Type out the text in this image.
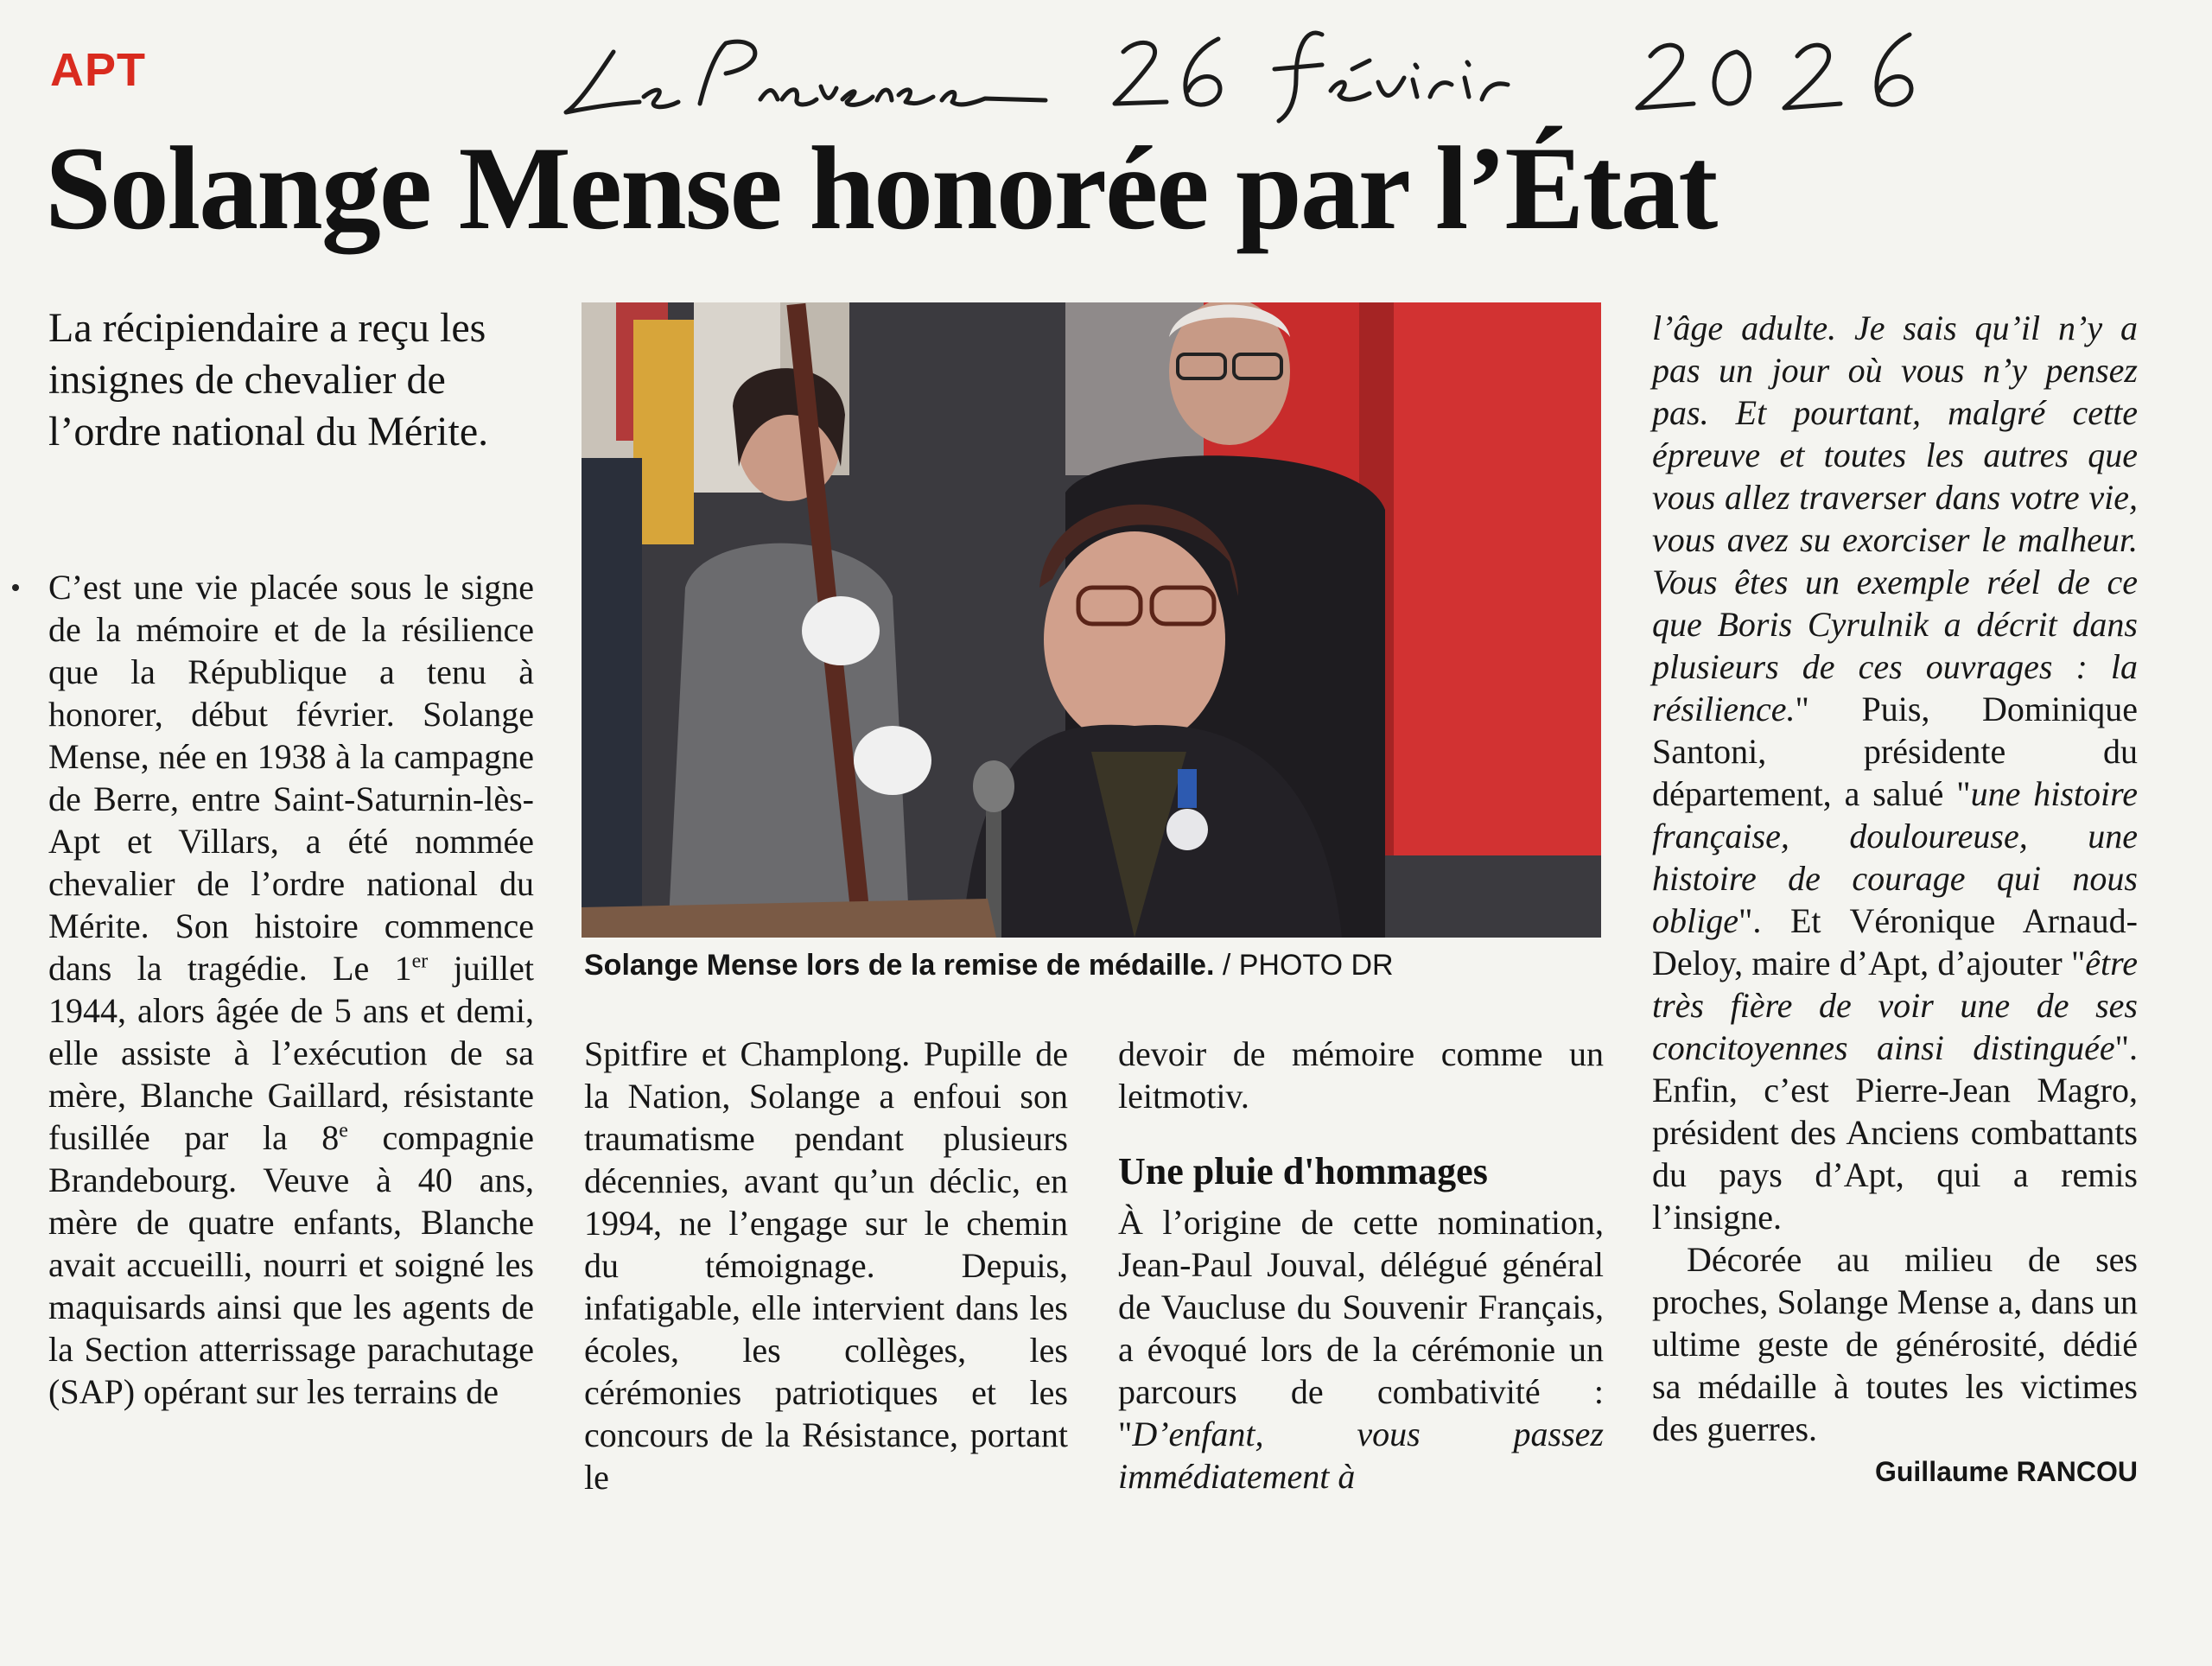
APT
Solange Mense honorée par l’État

La récipiendaire a reçu les insignes de chevalier de l’ordre national du Mérite.

Solange Mense lors de la remise de médaille. / PHOTO DR

C’est une vie placée sous le signe de la mémoire et de la résilience que la République a tenu à honorer, début février. Solange Mense, née en 1938 à la campagne de Berre, entre Saint-Saturnin-lès-Apt et Villars, a été nommée chevalier de l’ordre national du Mérite. Son histoire commence dans la tragédie. Le 1er juillet 1944, alors âgée de 5 ans et demi, elle assiste à l’exécution de sa mère, Blanche Gaillard, résistante fusillée par la 8e compagnie Brandebourg. Veuve à 40 ans, mère de quatre enfants, Blanche avait accueilli, nourri et soigné les maquisards ainsi que les agents de la Section atterrissage parachutage (SAP) opérant sur les terrains de

Spitfire et Champlong. Pupille de la Nation, Solange a enfoui son traumatisme pendant plusieurs décennies, avant qu’un déclic, en 1994, ne l’engage sur le chemin du témoignage. Depuis, infatigable, elle intervient dans les écoles, les collèges, les cérémonies patriotiques et les concours de la Résistance, portant le

devoir de mémoire comme un leitmotiv.

Une pluie d'hommages

À l’origine de cette nomination, Jean-Paul Jouval, délégué général de Vaucluse du Souvenir Français, a évoqué lors de la cérémonie un parcours de combativité : "D’enfant, vous passez immédiatement à

l’âge adulte. Je sais qu’il n’y a pas un jour où vous n’y pensez pas. Et pourtant, malgré cette épreuve et toutes les autres que vous allez traverser dans votre vie, vous avez su exorciser le malheur. Vous êtes un exemple réel de ce que Boris Cyrulnik a décrit dans plusieurs de ces ouvrages : la résilience." Puis, Dominique Santoni, présidente du département, a salué "une histoire française, douloureuse, une histoire de courage qui nous oblige". Et Véronique Arnaud-Deloy, maire d’Apt, d’ajouter "être très fière de voir une de ses concitoyennes ainsi distinguée". Enfin, c’est Pierre-Jean Magro, président des Anciens combattants du pays d’Apt, qui a remis l’insigne.
Décorée au milieu de ses proches, Solange Mense a, dans un ultime geste de générosité, dédié sa médaille à toutes les victimes des guerres.

Guillaume RANCOU
